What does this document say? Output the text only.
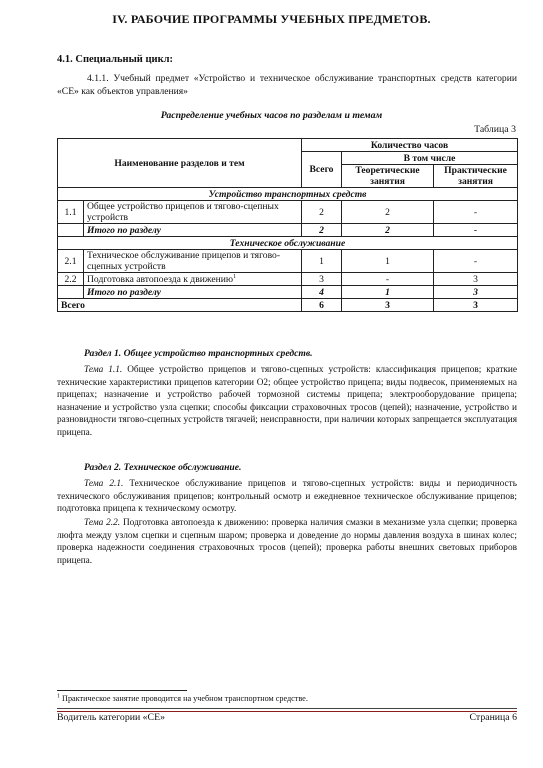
IV. РАБОЧИЕ ПРОГРАММЫ УЧЕБНЫХ ПРЕДМЕТОВ.
4.1. Специальный цикл:
4.1.1. Учебный предмет «Устройство и техническое обслуживание транспортных средств категории «СЕ» как объектов управления»
Распределение учебных часов по разделам и темам
Таблица 3
Наименование разделов и тем		Количество часов		
		Всего	В том числе	
			Теоретические занятия	Практические занятия
Устройство транспортных средств				
1.1	Общее устройство прицепов и тягово-сцепных устройств	2	2	-
	Итого по разделу	2	2	-
Техническое обслуживание				
2.1	Техническое обслуживание прицепов и тягово-сцепных устройств	1	1	-
2.2	Подготовка автопоезда к движению$^1$	3	-	3
	Итого по разделу	4	1	3
Всего		6	3	3
Раздел 1. Общее устройство транспортных средств.
Тема 1.1. Общее устройство прицепов и тягово-сцепных устройств: классификация прицепов; краткие технические характеристики прицепов категории О2; общее устройство прицепа; виды подвесок, применяемых на прицепах; назначение и устройство рабочей тормозной системы прицепа; электрооборудование прицепа; назначение и устройство узла сцепки; способы фиксации страховочных тросов (цепей); назначение, устройство и разновидности тягово-сцепных устройств тягачей; неисправности, при наличии которых запрещается эксплуатация прицепа.
Раздел 2. Техническое обслуживание.
Тема 2.1. Техническое обслуживание прицепов и тягово-сцепных устройств: виды и периодичность технического обслуживания прицепов; контрольный осмотр и ежедневное техническое обслуживание прицепов; подготовка прицепа к техническому осмотру.
Тема 2.2. Подготовка автопоезда к движению: проверка наличия смазки в механизме узла сцепки; проверка люфта между узлом сцепки и сцепным шаром; проверка и доведение до нормы давления воздуха в шинах колес; проверка надежности соединения страховочных тросов (цепей); проверка работы внешних световых приборов прицепа.
$^1$ Практическое занятие проводится на учебном транспортном средстве.
Водитель категории «СЕ»	Страница 6
